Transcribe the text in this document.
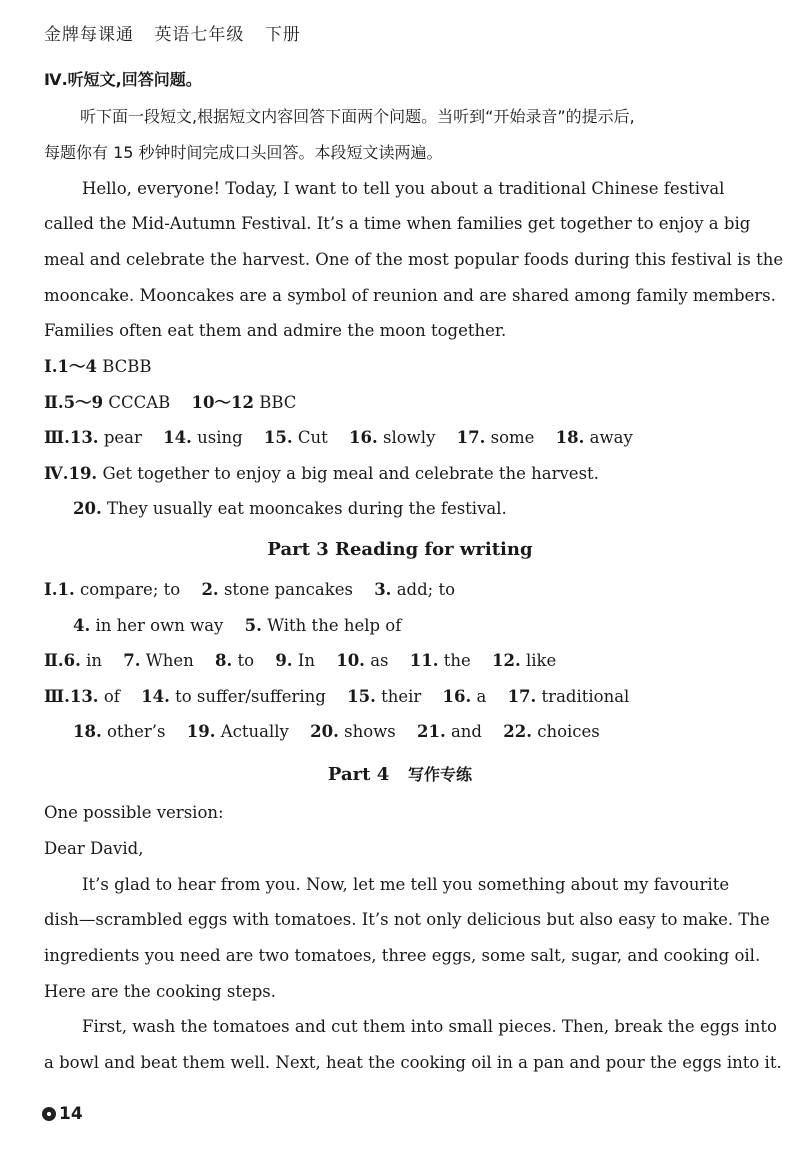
金牌每课通 英语七年级 下册
Ⅳ.听短文,回答问题。
听下面一段短文,根据短文内容回答下面两个问题。当听到“开始录音”的提示后,
每题你有 15 秒钟时间完成口头回答。本段短文读两遍。
Hello, everyone! Today, I want to tell you about a traditional Chinese festival
called the Mid-Autumn Festival. It’s a time when families get together to enjoy a big
meal and celebrate the harvest. One of the most popular foods during this festival is the
mooncake. Mooncakes are a symbol of reunion and are shared among family members.
Families often eat them and admire the moon together.
Ⅰ.1～4 BCBB
Ⅱ.5～9 CCCAB 10～12 BBC
Ⅲ.13. pear 14. using 15. Cut 16. slowly 17. some 18. away
Ⅳ.19. Get together to enjoy a big meal and celebrate the harvest.
20. They usually eat mooncakes during the festival.
Part 3 Reading for writing
Ⅰ.1. compare; to 2. stone pancakes 3. add; to
4. in her own way 5. With the help of
Ⅱ.6. in 7. When 8. to 9. In 10. as 11. the 12. like
Ⅲ.13. of 14. to suffer/suffering 15. their 16. a 17. traditional
18. other’s 19. Actually 20. shows 21. and 22. choices
Part 4 写作专练
One possible version:
Dear David,
It’s glad to hear from you. Now, let me tell you something about my favourite
dish—scrambled eggs with tomatoes. It’s not only delicious but also easy to make. The
ingredients you need are two tomatoes, three eggs, some salt, sugar, and cooking oil.
Here are the cooking steps.
First, wash the tomatoes and cut them into small pieces. Then, break the eggs into
a bowl and beat them well. Next, heat the cooking oil in a pan and pour the eggs into it.
14
